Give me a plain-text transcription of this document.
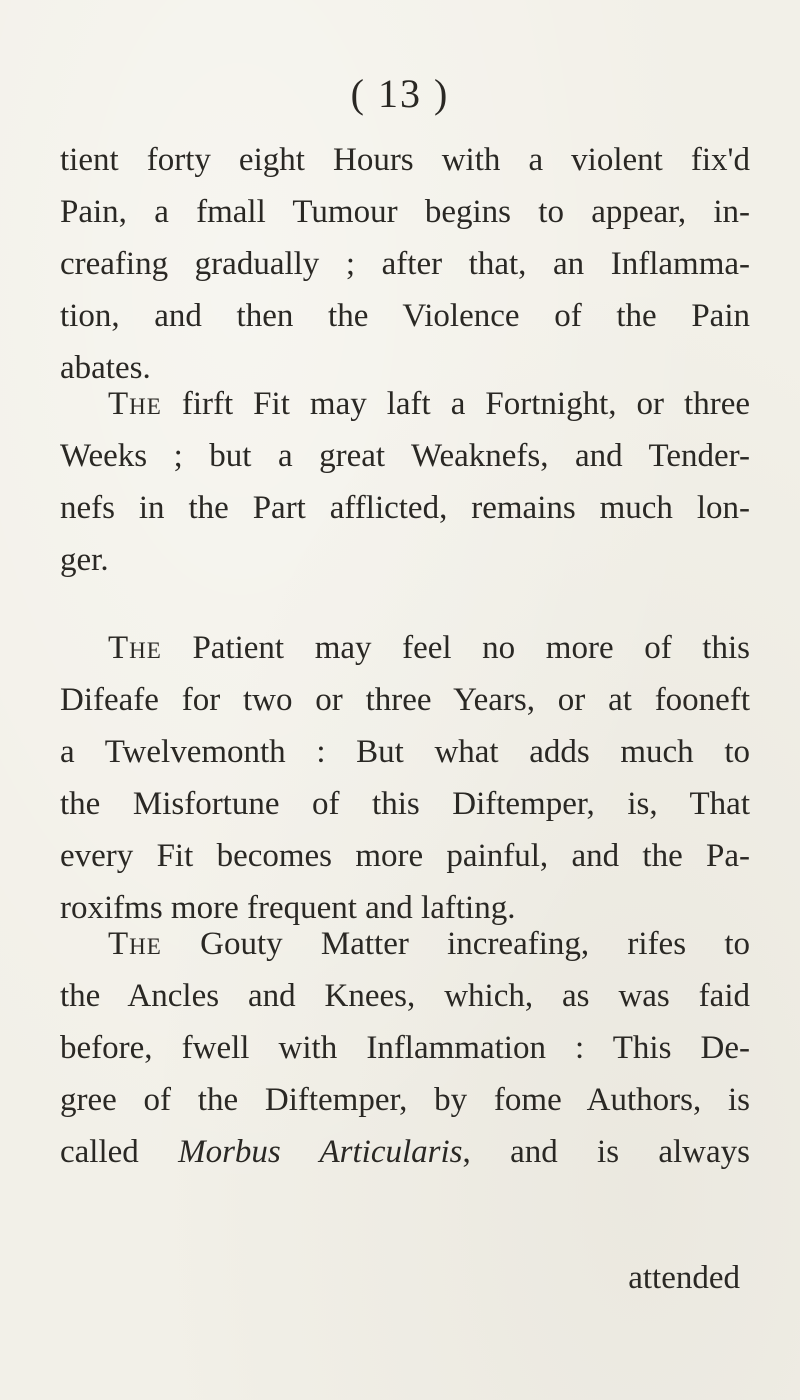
( 13 )
tient forty eight Hours with a violent fix'd
Pain, a fmall Tumour begins to appear, in-
creafing gradually ; after that, an Inflamma-
tion, and then the Violence of the Pain
abates.
The firft Fit may laft a Fortnight, or three
Weeks ; but a great Weaknefs, and Tender-
nefs in the Part afflicted, remains much lon-
ger.
The Patient may feel no more of this
Difeafe for two or three Years, or at fooneft
a Twelvemonth : But what adds much to
the Misfortune of this Diftemper, is, That
every Fit becomes more painful, and the Pa-
roxifms more frequent and lafting.
The Gouty Matter increafing, rifes to
the Ancles and Knees, which, as was faid
before, fwell with Inflammation : This De-
gree of the Diftemper, by fome Authors, is
called Morbus Articularis, and is always
attended
